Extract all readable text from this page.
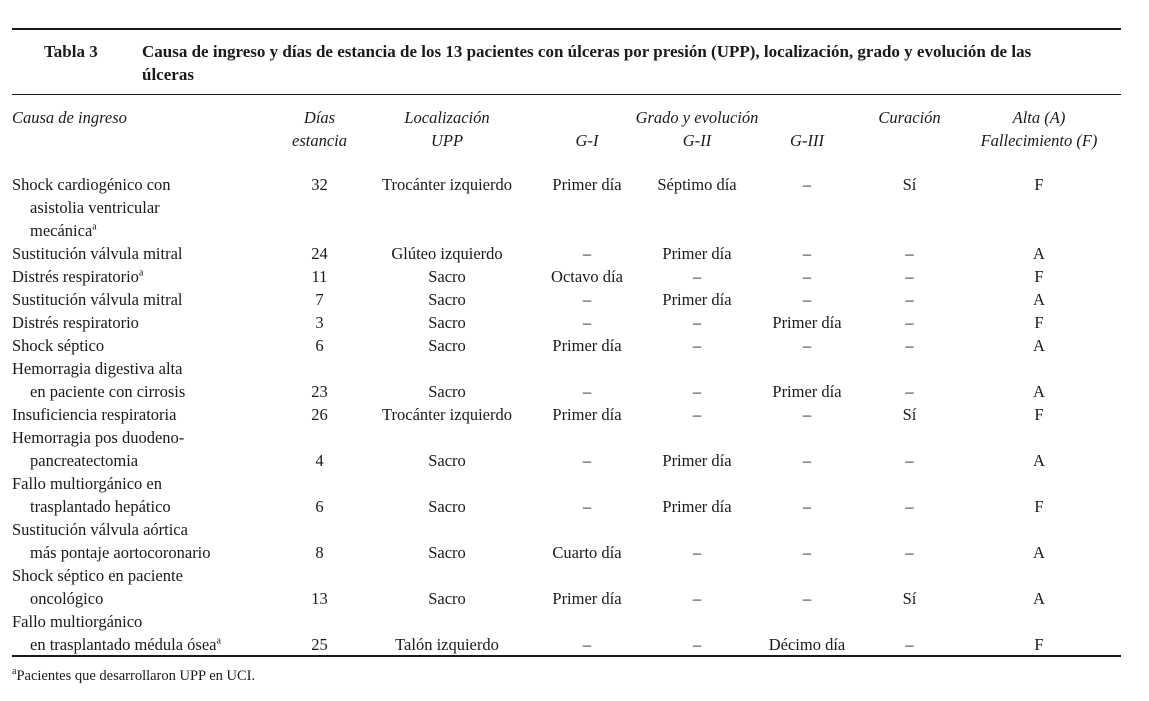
Tabla 3	Causa de ingreso y días de estancia de los 13 pacientes con úlceras por presión (UPP), localización, grado y evolución de las úlceras
Causa de ingreso	Días	Localización	Grado y evolución			Curación	Alta (A)
	estancia	UPP	G-I	G-II	G-III		Fallecimiento (F)

Shock cardiogénico con
asistolia ventricular
mecánica$^a$	32	Trocánter izquierdo	Primer día	Séptimo día	–	Sí	F

Sustitución válvula mitral	24	Glúteo izquierdo	–	Primer día	–	–	A

Distrés respiratorio$^a$	11	Sacro	Octavo día	–	–	–	F

Sustitución válvula mitral	7	Sacro	–	Primer día	–	–	A

Distrés respiratorio	3	Sacro	–	–	Primer día	–	F

Shock séptico	6	Sacro	Primer día	–	–	–	A

Hemorragia digestiva alta
en paciente con cirrosis	23	Sacro	–	–	Primer día	–	A

Insuficiencia respiratoria	26	Trocánter izquierdo	Primer día	–	–	Sí	F

Hemorragia pos duodeno-
pancreatectomia	4	Sacro	–	Primer día	–	–	A

Fallo multiorgánico en
trasplantado hepático	6	Sacro	–	Primer día	–	–	F

Sustitución válvula aórtica
más pontaje aortocoronario	8	Sacro	Cuarto día	–	–	–	A

Shock séptico en paciente
oncológico	13	Sacro	Primer día	–	–	Sí	A

Fallo multiorgánico
en trasplantado médula ósea$^a$	25	Talón izquierdo	–	–	Décimo día	–	F
$^a$Pacientes que desarrollaron UPP en UCI.
